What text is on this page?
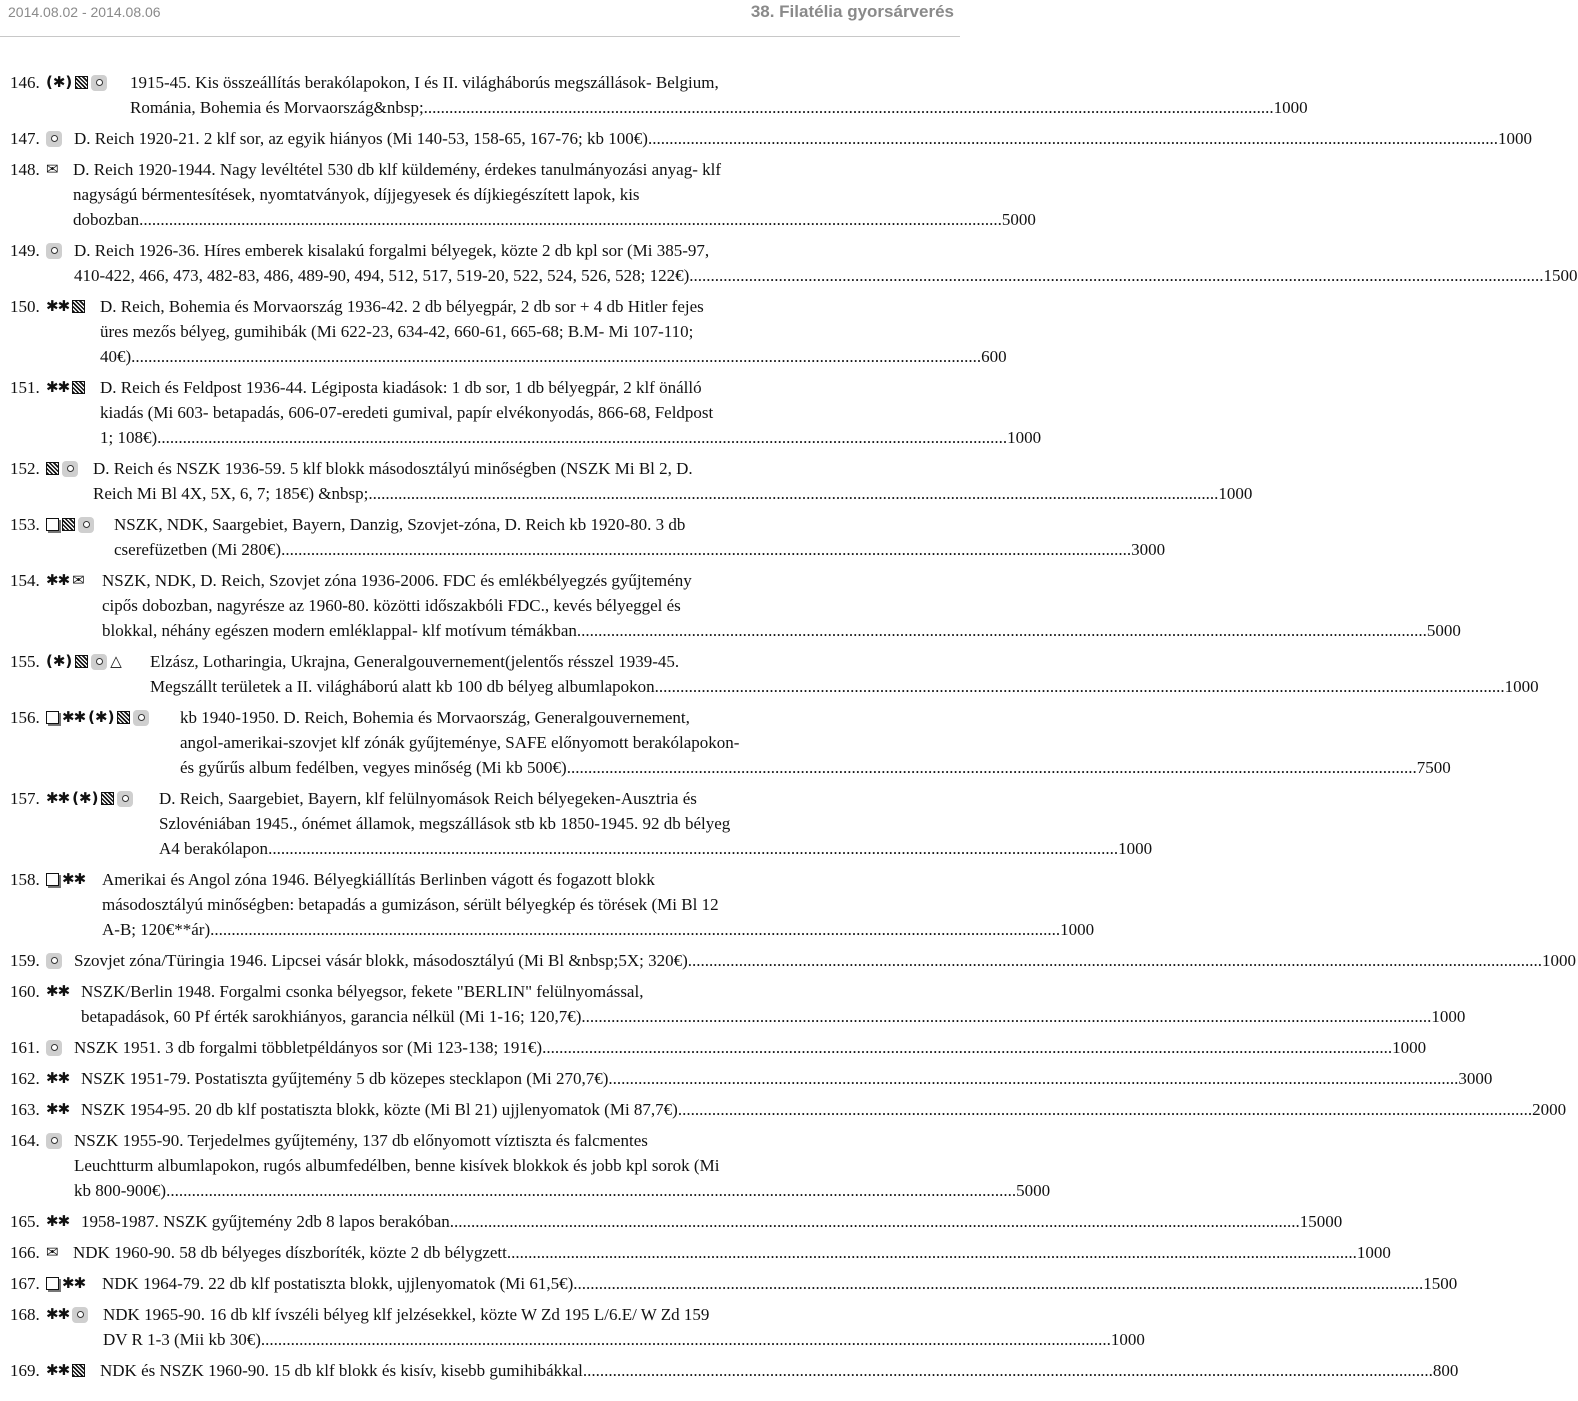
2014.08.02 - 2014.08.06	38. Filatélia gyorsárverés
146. (✱)	1915-45. Kis összeállítás berakólapokon, I és II. világháborús megszállások- Belgium,
Románia, Bohemia és Morvaország&nbsp; ........................................................................................................................................................................................................ 1000
147. D. Reich 1920-21. 2 klf sor, az egyik hiányos (Mi 140-53, 158-65, 167-76; kb 100€) ........................................................................................................................................................................................................ 1000
148. ✉ D. Reich 1920-1944. Nagy levéltétel 530 db klf küldemény, érdekes tanulmányozási anyag- klf
nagyságú bérmentesítések, nyomtatványok, díjjegyesek és díjkiegészített lapok, kis
dobozban... ........................................................................................................................................................................................................ 5000
149. D. Reich 1926-36. Híres emberek kisalakú forgalmi bélyegek, közte 2 db kpl sor (Mi 385-97,
410-422, 466, 473, 482-83, 486, 489-90, 494, 512, 517, 519-20, 522, 524, 526, 528; 122€). ........................................................................................................................................................................................................ 1500
150. ✱✱ D. Reich, Bohemia és Morvaország 1936-42. 2 db bélyegpár, 2 db sor + 4 db Hitler fejes
üres mezős bélyeg, gumihibák (Mi 622-23, 634-42, 660-61, 665-68; B.M- Mi 107-110;
40€) ........................................................................................................................................................................................................ 600
151. ✱✱ D. Reich és Feldpost 1936-44. Légiposta kiadások: 1 db sor, 1 db bélyegpár, 2 klf önálló
kiadás (Mi 603- betapadás, 606-07-eredeti gumival, papír elvékonyodás, 866-68, Feldpost
1; 108€) ........................................................................................................................................................................................................ 1000
152.	D. Reich és NSZK 1936-59. 5 klf blokk másodosztályú minőségben (NSZK Mi Bl 2, D.
Reich Mi Bl 4X, 5X, 6, 7; 185€) &nbsp; ........................................................................................................................................................................................................ 1000
153.	NSZK, NDK, Saargebiet, Bayern, Danzig, Szovjet-zóna, D. Reich kb 1920-80. 3 db
cserefüzetben (Mi 280€) ........................................................................................................................................................................................................ 3000
154. ✱✱ ✉ NSZK, NDK, D. Reich, Szovjet zóna 1936-2006. FDC és emlékbélyegzés gyűjtemény
cipős dobozban, nagyrésze az 1960-80. közötti időszakbóli FDC., kevés bélyeggel és
blokkal, néhány egészen modern emléklappal- klf motívum témákban ........................................................................................................................................................................................................ 5000
155. (✱)	△ Elzász, Lotharingia, Ukrajna, Generalgouvernement(jelentős résszel 1939-45.
Megszállt területek a II. világháború alatt kb 100 db bélyeg albumlapokon ........................................................................................................................................................................................................ 1000
156. ✱✱ (✱)	kb 1940-1950. D. Reich, Bohemia és Morvaország, Generalgouvernement,
angol-amerikai-szovjet klf zónák gyűjteménye, SAFE előnyomott berakólapokon-
és gyűrűs album fedélben, vegyes minőség (Mi kb 500€) ........................................................................................................................................................................................................ 7500
157. ✱✱ (✱)	D. Reich, Saargebiet, Bayern, klf felülnyomások Reich bélyegeken-Ausztria és
Szlovéniában 1945., ónémet államok, megszállások stb kb 1850-1945. 92 db bélyeg
A4 berakólapon ........................................................................................................................................................................................................ 1000
158. ✱✱ Amerikai és Angol zóna 1946. Bélyegkiállítás Berlinben vágott és fogazott blokk
másodosztályú minőségben: betapadás a gumizáson, sérült bélyegkép és törések (Mi Bl 12
A-B; 120€**ár) ........................................................................................................................................................................................................ 1000
159. Szovjet zóna/Türingia 1946. Lipcsei vásár blokk, másodosztályú (Mi Bl &nbsp;5X; 320€). ........................................................................................................................................................................................................ 1000
160. ✱✱ NSZK/Berlin 1948. Forgalmi csonka bélyegsor, fekete "BERLIN" felülnyomással,
betapadások, 60 Pf érték sarokhiányos, garancia nélkül (Mi 1-16; 120,7€) ........................................................................................................................................................................................................ 1000
161. NSZK 1951. 3 db forgalmi többletpéldányos sor (Mi 123-138; 191€) ........................................................................................................................................................................................................ 1000
162. ✱✱ NSZK 1951-79. Postatiszta gyűjtemény 5 db közepes stecklapon (Mi 270,7€) ........................................................................................................................................................................................................ 3000
163. ✱✱ NSZK 1954-95. 20 db klf postatiszta blokk, közte (Mi Bl 21) ujjlenyomatok (Mi 87,7€). ........................................................................................................................................................................................................ 2000
164. NSZK 1955-90. Terjedelmes gyűjtemény, 137 db előnyomott víztiszta és falcmentes
Leuchtturm albumlapokon, rugós albumfedélben, benne kisívek blokkok és jobb kpl sorok (Mi
kb 800-900€) ........................................................................................................................................................................................................ 5000
165. ✱✱ 1958-1987. NSZK gyűjtemény 2db 8 lapos berakóban ........................................................................................................................................................................................................ 15000
166. ✉ NDK 1960-90. 58 db bélyeges díszboríték, közte 2 db bélygzett ........................................................................................................................................................................................................ 1000
167. ✱✱ NDK 1964-79. 22 db klf postatiszta blokk, ujjlenyomatok (Mi 61,5€) ........................................................................................................................................................................................................ 1500
168. ✱✱ NDK 1965-90. 16 db klf ívszéli bélyeg klf jelzésekkel, közte W Zd 195 L/6.E/ W Zd 159
DV R 1-3 (Mii kb 30€) ........................................................................................................................................................................................................ 1000
169. ✱✱ NDK és NSZK 1960-90. 15 db klf blokk és kisív, kisebb gumihibákkal ........................................................................................................................................................................................................ 800
